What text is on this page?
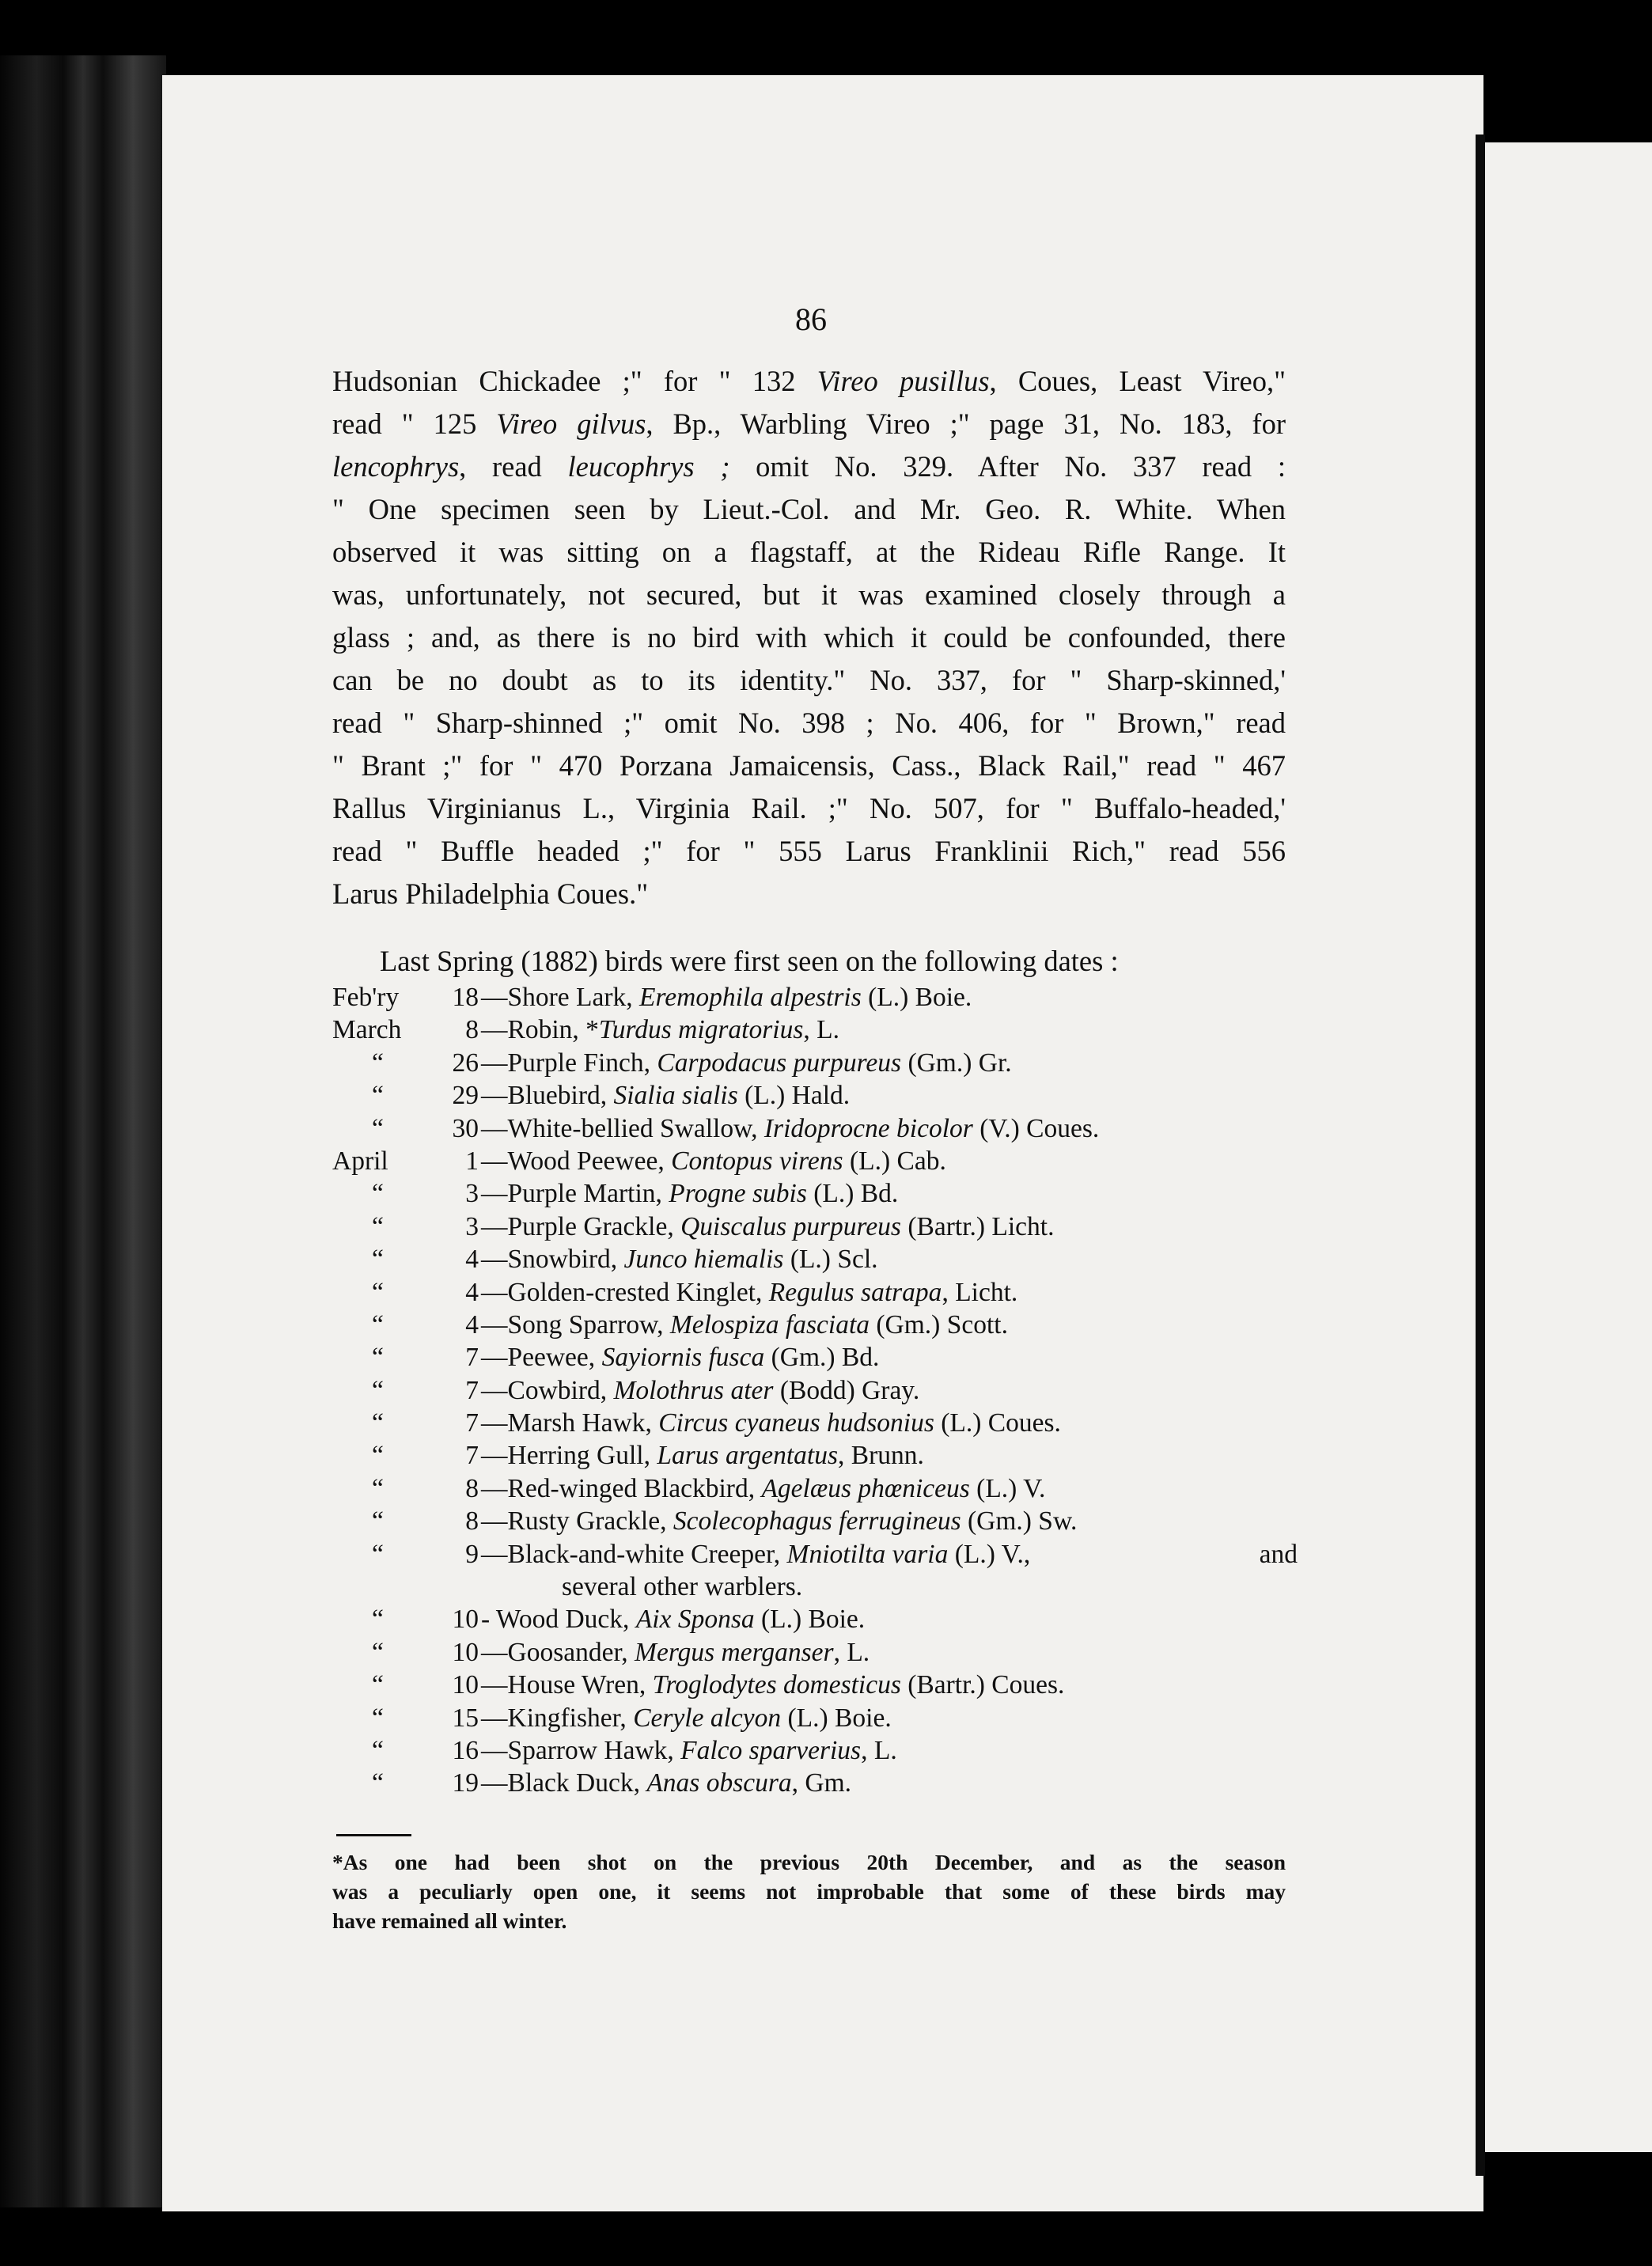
86

Hudsonian Chickadee ;" for " 132 Vireo pusillus, Coues, Least Vireo,"

read " 125 Vireo gilvus, Bp., Warbling Vireo ;" page 31, No. 183, for

lencophrys, read leucophrys ; omit No. 329. After No. 337 read :

" One specimen seen by Lieut.-Col. and Mr. Geo. R. White. When

observed it was sitting on a flagstaff, at the Rideau Rifle Range. It

was, unfortunately, not secured, but it was examined closely through a

glass ; and, as there is no bird with which it could be confounded, there

can be no doubt as to its identity." No. 337, for " Sharp-skinned,'

read " Sharp-shinned ;" omit No. 398 ; No. 406, for " Brown," read

" Brant ;" for " 470 Porzana Jamaicensis, Cass., Black Rail," read " 467

Rallus Virginianus L., Virginia Rail. ;" No. 507, for " Buffalo-headed,'

read " Buffle headed ;" for " 555 Larus Franklinii Rich," read 556

Larus Philadelphia Coues."

Last Spring (1882) birds were first seen on the following dates :
Feb'ry	18 —Shore Lark, Eremophila alpestris (L.) Boie.
March	8 —Robin, *Turdus migratorius, L.
“	26 —Purple Finch, Carpodacus purpureus (Gm.) Gr.
“	29 —Bluebird, Sialia sialis (L.) Hald.
“	30 —White-bellied Swallow, Iridoprocne bicolor (V.) Coues.
April	1 —Wood Peewee, Contopus virens (L.) Cab.
“	3 —Purple Martin, Progne subis (L.) Bd.
“	3 —Purple Grackle, Quiscalus purpureus (Bartr.) Licht.
“	4 —Snowbird, Junco hiemalis (L.) Scl.
“	4 —Golden-crested Kinglet, Regulus satrapa, Licht.
“	4 —Song Sparrow, Melospiza fasciata (Gm.) Scott.
“	7 —Peewee, Sayiornis fusca (Gm.) Bd.
“	7 —Cowbird, Molothrus ater (Bodd) Gray.
“	7 —Marsh Hawk, Circus cyaneus hudsonius (L.) Coues.
“	7 —Herring Gull, Larus argentatus, Brunn.
“	8 —Red-winged Blackbird, Agelæus phœniceus (L.) V.
“	8 —Rusty Grackle, Scolecophagus ferrugineus (Gm.) Sw.
“	9 —Black-and-white Creeper, Mniotilta varia (L.) V.,	and
several other warblers.
“	10 - Wood Duck, Aix Sponsa (L.) Boie.
“	10 —Goosander, Mergus merganser, L.
“	10 —House Wren, Troglodytes domesticus (Bartr.) Coues.
“	15 —Kingfisher, Ceryle alcyon (L.) Boie.
“	16 —Sparrow Hawk, Falco sparverius, L.
“	19 —Black Duck, Anas obscura, Gm.
*As one had been shot on the previous 20th December, and as the season
was a peculiarly open one, it seems not improbable that some of these birds may
have remained all winter.
